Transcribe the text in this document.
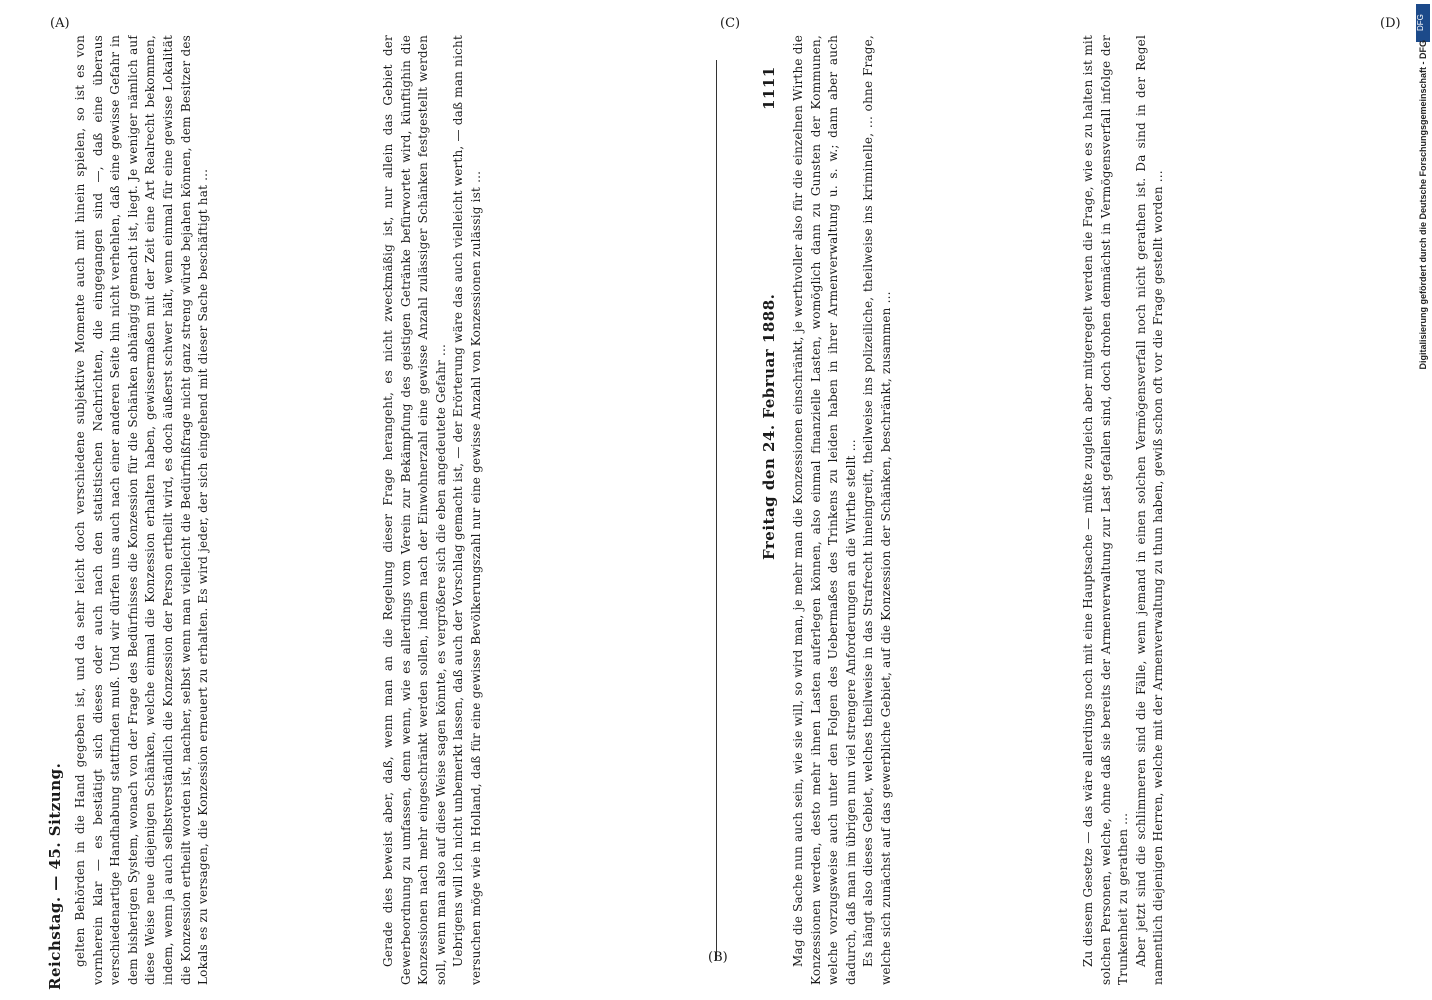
Reichstag. — 45. Sitzung.
Freitag den 24. Februar 1888.
1111
(A)
(B)
(C)	(D)

gelten Behörden in die Hand gegeben ist, und da sehr leicht doch verschiedene subjektive Momente auch mit hinein spielen, so ist es von vornherein klar — es bestätigt sich dieses oder auch nach den statistischen Nachrichten, die eingegangen sind —, daß eine überaus verschiedenartige Handhabung stattfinden muß. Und wir dürfen uns auch nach einer anderen Seite hin nicht verhehlen, daß eine gewisse Gefahr in dem bisherigen System, wonach von der Frage des Bedürfnisses die Konzession für die Schänken abhängig gemacht ist, liegt. Je weniger nämlich auf diese Weise neue diejenigen Schänken, welche einmal die Konzession erhalten haben, gewissermaßen mit der Zeit eine Art Realrecht bekommen, indem, wenn ja auch selbstverständlich die Konzession der Person ertheilt wird, es doch äußerst schwer hält, wenn einmal für eine gewisse Lokalität die Konzession ertheilt worden ist, nachher, selbst wenn man vielleicht die Bedürfnißfrage nicht ganz streng würde bejahen können, dem Besitzer des Lokals es zu versagen, die Konzession erneuert zu erhalten. Es wird jeder, der sich eingehend mit dieser Sache beschäftigt hat ...	Gerade dies beweist aber, daß, wenn man an die Regelung dieser Frage herangeht, es nicht zweckmäßig ist, nur allein das Gebiet der Gewerbeordnung zu umfassen, denn wenn, wie es allerdings vom Verein zur Bekämpfung des geistigen Getränke befürwortet wird, künftighin die Konzessionen nach mehr eingeschränkt werden sollen, indem nach der Einwohnerzahl eine gewisse Anzahl zulässiger Schänken festgestellt werden soll, wenn man also auf diese Weise sagen könnte, es vergrößere sich die eben angedeutete Gefahr ... Uebrigens will ich nicht unbemerkt lassen, daß auch der Vorschlag gemacht ist, — der Erörterung wäre das auch vielleicht werth, — daß man nicht versuchen möge wie in Holland, daß für eine gewisse Bevölkerungszahl nur eine gewisse Anzahl von Konzessionen zulässig ist ...	Mag die Sache nun auch sein, wie sie will, so wird man, je mehr man die Konzessionen einschränkt, je werthvoller also für die einzelnen Wirthe die Konzessionen werden, desto mehr ihnen Lasten auferlegen können, also einmal finanzielle Lasten, womöglich dann zu Gunsten der Kommunen, welche vorzugsweise auch unter den Folgen des Uebermaßes des Trinkens zu leiden haben in ihrer Armenverwaltung u. s. w.; dann aber auch dadurch, daß man im übrigen nun viel strengere Anforderungen an die Wirthe stellt ... Es hängt also dieses Gebiet, welches theilweise in das Strafrecht hineingreift, theilweise ins polizeiliche, theilweise ins kriminelle, ... ohne Frage, welche sich zunächst auf das gewerbliche Gebiet, auf die Konzession der Schänken, beschränkt, zusammen ...	Zu diesem Gesetze — das wäre allerdings noch mit eine Hauptsache — müßte zugleich aber mitgeregelt werden die Frage, wie es zu halten ist mit solchen Personen, welche, ohne daß sie bereits der Armenverwaltung zur Last gefallen sind, doch drohen demnächst in Vermögensverfall infolge der Trunkenheit zu gerathen ... Aber jetzt sind die schlimmeren sind die Fälle, wenn jemand in einen solchen Vermögensverfall noch nicht gerathen ist. Da sind in der Regel namentlich diejenigen Herren, welche mit der Armenverwaltung zu thun haben, gewiß schon oft vor die Frage gestellt worden ...

DFG
Digitalisierung gefördert durch die Deutsche Forschungsgemeinschaft - DFG
